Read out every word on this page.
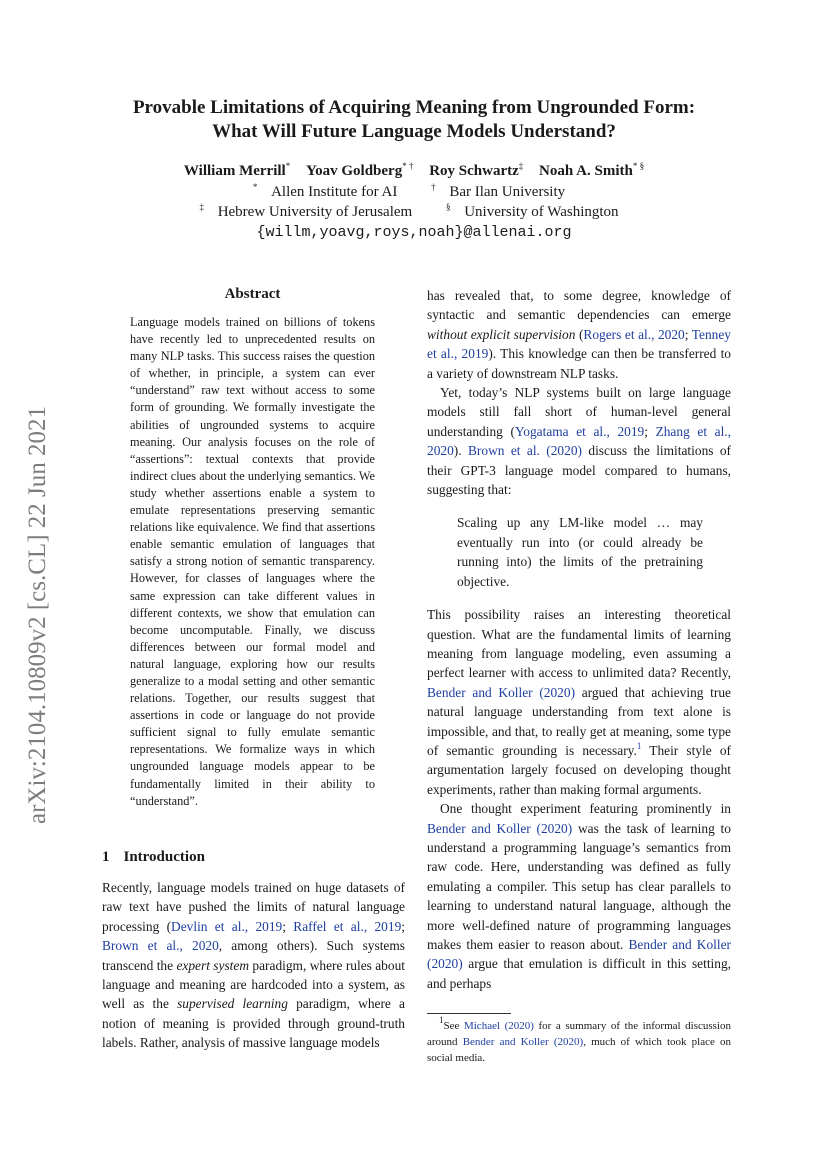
arXiv:2104.10809v2 [cs.CL] 22 Jun 2021
Provable Limitations of Acquiring Meaning from Ungrounded Form:
What Will Future Language Models Understand?
William Merrill* Yoav Goldberg* † Roy Schwartz‡ Noah A. Smith* §
* Allen Institute for AI	† Bar Ilan University
‡ Hebrew University of Jerusalem	§ University of Washington
{willm,yoavg,roys,noah}@allenai.org
Abstract
Language models trained on billions of tokens have recently led to unprecedented results on many NLP tasks. This success raises the question of whether, in principle, a system can ever “understand” raw text without access to some form of grounding. We formally investigate the abilities of ungrounded systems to acquire meaning. Our analysis focuses on the role of “assertions”: textual contexts that provide indirect clues about the underlying semantics. We study whether assertions enable a system to emulate representations preserving semantic relations like equivalence. We find that assertions enable semantic emulation of languages that satisfy a strong notion of semantic transparency. However, for classes of languages where the same expression can take different values in different contexts, we show that emulation can become uncomputable. Finally, we discuss differences between our formal model and natural language, exploring how our results generalize to a modal setting and other semantic relations. Together, our results suggest that assertions in code or language do not provide sufficient signal to fully emulate semantic representations. We formalize ways in which ungrounded language models appear to be fundamentally limited in their ability to “understand”.
1 Introduction

Recently, language models trained on huge datasets of raw text have pushed the limits of natural language processing (Devlin et al., 2019; Raffel et al., 2019; Brown et al., 2020, among others). Such systems transcend the expert system paradigm, where rules about language and meaning are hardcoded into a system, as well as the supervised learning paradigm, where a notion of meaning is provided through ground-truth labels. Rather, analysis of massive language models

has revealed that, to some degree, knowledge of syntactic and semantic dependencies can emerge without explicit supervision (Rogers et al., 2020; Tenney et al., 2019). This knowledge can then be transferred to a variety of downstream NLP tasks.

Yet, today’s NLP systems built on large language models still fall short of human-level general understanding (Yogatama et al., 2019; Zhang et al., 2020). Brown et al. (2020) discuss the limitations of their GPT-3 language model compared to humans, suggesting that:

Scaling up any LM-like model … may eventually run into (or could already be running into) the limits of the pretraining objective.

This possibility raises an interesting theoretical question. What are the fundamental limits of learning meaning from language modeling, even assuming a perfect learner with access to unlimited data? Recently, Bender and Koller (2020) argued that achieving true natural language understanding from text alone is impossible, and that, to really get at meaning, some type of semantic grounding is necessary.$^1$ Their style of argumentation largely focused on developing thought experiments, rather than making formal arguments.

One thought experiment featuring prominently in Bender and Koller (2020) was the task of learning to understand a programming language’s semantics from raw code. Here, understanding was defined as fully emulating a compiler. This setup has clear parallels to learning to understand natural language, although the more well-defined nature of programming languages makes them easier to reason about. Bender and Koller (2020) argue that emulation is difficult in this setting, and perhaps

$^1$See Michael (2020) for a summary of the informal discussion around Bender and Koller (2020), much of which took place on social media.
